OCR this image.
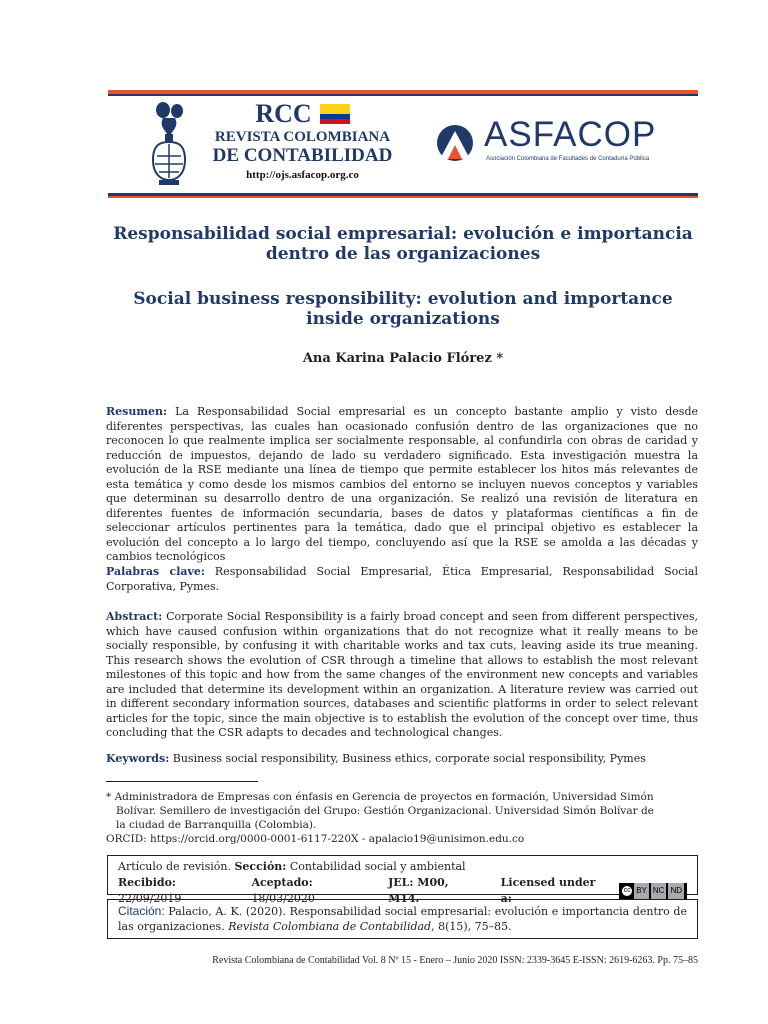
RCC
REVISTA COLOMBIANA
DE CONTABILIDAD
http://ojs.asfacop.org.co
ASFACOP
Asociación Colombiana de Facultades de Contaduría Pública
Responsabilidad social empresarial: evolución e importancia dentro de las organizaciones
Social business responsibility: evolution and importance inside organizations
Ana Karina Palacio Flórez *
Resumen: La Responsabilidad Social empresarial es un concepto bastante amplio y visto desde diferentes perspectivas, las cuales han ocasionado confusión dentro de las organizaciones que no reconocen lo que realmente implica ser socialmente responsable, al confundirla con obras de caridad y reducción de impuestos, dejando de lado su verdadero significado. Esta investigación muestra la evolución de la RSE mediante una línea de tiempo que permite establecer los hitos más relevantes de esta temática y como desde los mismos cambios del entorno se incluyen nuevos conceptos y variables que determinan su desarrollo dentro de una organización. Se realizó una revisión de literatura en diferentes fuentes de información secundaria, bases de datos y plataformas científicas a fin de seleccionar artículos pertinentes para la temática, dado que el principal objetivo es establecer la evolución del concepto a lo largo del tiempo, concluyendo así que la RSE se amolda a las décadas y cambios tecnológicos
Palabras clave: Responsabilidad Social Empresarial, Ética Empresarial, Responsabilidad Social Corporativa, Pymes.
Abstract: Corporate Social Responsibility is a fairly broad concept and seen from different perspectives, which have caused confusion within organizations that do not recognize what it really means to be socially responsible, by confusing it with charitable works and tax cuts, leaving aside its true meaning. This research shows the evolution of CSR through a timeline that allows to establish the most relevant milestones of this topic and how from the same changes of the environment new concepts and variables are included that determine its development within an organization. A literature review was carried out in different secondary information sources, databases and scientific platforms in order to select relevant articles for the topic, since the main objective is to establish the evolution of the concept over time, thus concluding that the CSR adapts to decades and technological changes.
Keywords: Business social responsibility, Business ethics, corporate social responsibility, Pymes
* Administradora de Empresas con énfasis en Gerencia de proyectos en formación, Universidad Simón
Bolívar. Semillero de investigación del Grupo: Gestión Organizacional. Universidad Simón Bolívar de
la ciudad de Barranquilla (Colombia).
ORCID: https://orcid.org/0000-0001-6117-220X - apalacio19@unisimon.edu.co
Artículo de revisión. Sección: Contabilidad social y ambiental
Recibido: 22/09/2019
Aceptado: 18/03/2020
JEL: M00, M14.
Licensed under a:
cc BY NC ND
Citación: Palacio, A. K. (2020). Responsabilidad social empresarial: evolución e importancia dentro de las organizaciones. Revista Colombiana de Contabilidad, 8(15), 75–85.
Revista Colombiana de Contabilidad Vol. 8 Nº 15 - Enero – Junio 2020 ISSN: 2339-3645 E-ISSN: 2619-6263. Pp. 75–85
